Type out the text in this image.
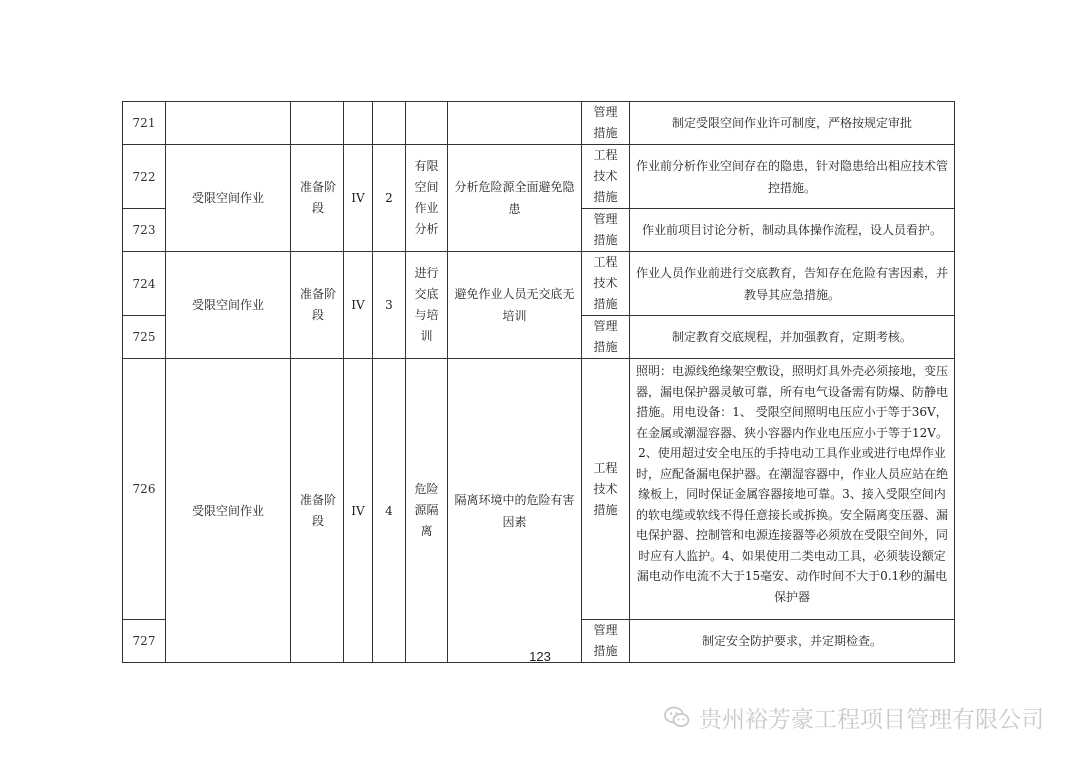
721							管理措施	制定受限空间作业许可制度，严格按规定审批
722	受限空间作业	准备阶段	IV	2	有限空间作业分析	分析危险源全面避免隐患	工程技术措施	作业前分析作业空间存在的隐患，针对隐患给出相应技术管控措施。
723							管理措施	作业前项目讨论分析，制动具体操作流程，设人员看护。
724	受限空间作业	准备阶段	IV	3	进行交底与培训	避免作业人员无交底无培训	工程技术措施	作业人员作业前进行交底教育，告知存在危险有害因素，并教导其应急措施。
725							管理措施	制定教育交底规程，并加强教育，定期考核。
726	受限空间作业	准备阶段	IV	4	危险源隔离	隔离环境中的危险有害因素	工程技术措施	照明：电源线绝缘架空敷设，照明灯具外壳必须接地，变压器，漏电保护器灵敏可靠，所有电气设备需有防爆、防静电措施。用电设备：1、 受限空间照明电压应小于等于36V，在金属或潮湿容器、狭小容器内作业电压应小于等于12V。2、使用超过安全电压的手持电动工具作业或进行电焊作业时，应配备漏电保护器。在潮湿容器中，作业人员应站在绝缘板上，同时保证金属容器接地可靠。3、接入受限空间内的软电缆或软线不得任意接长或拆换。安全隔离变压器、漏电保护器、控制管和电源连接器等必须放在受限空间外，同时应有人监护。4、如果使用二类电动工具，必须装设额定漏电动作电流不大于15毫安、动作时间不大于0.1秒的漏电保护器
727							管理措施	制定安全防护要求，并定期检查。
123
贵州裕芳豪工程项目管理有限公司
